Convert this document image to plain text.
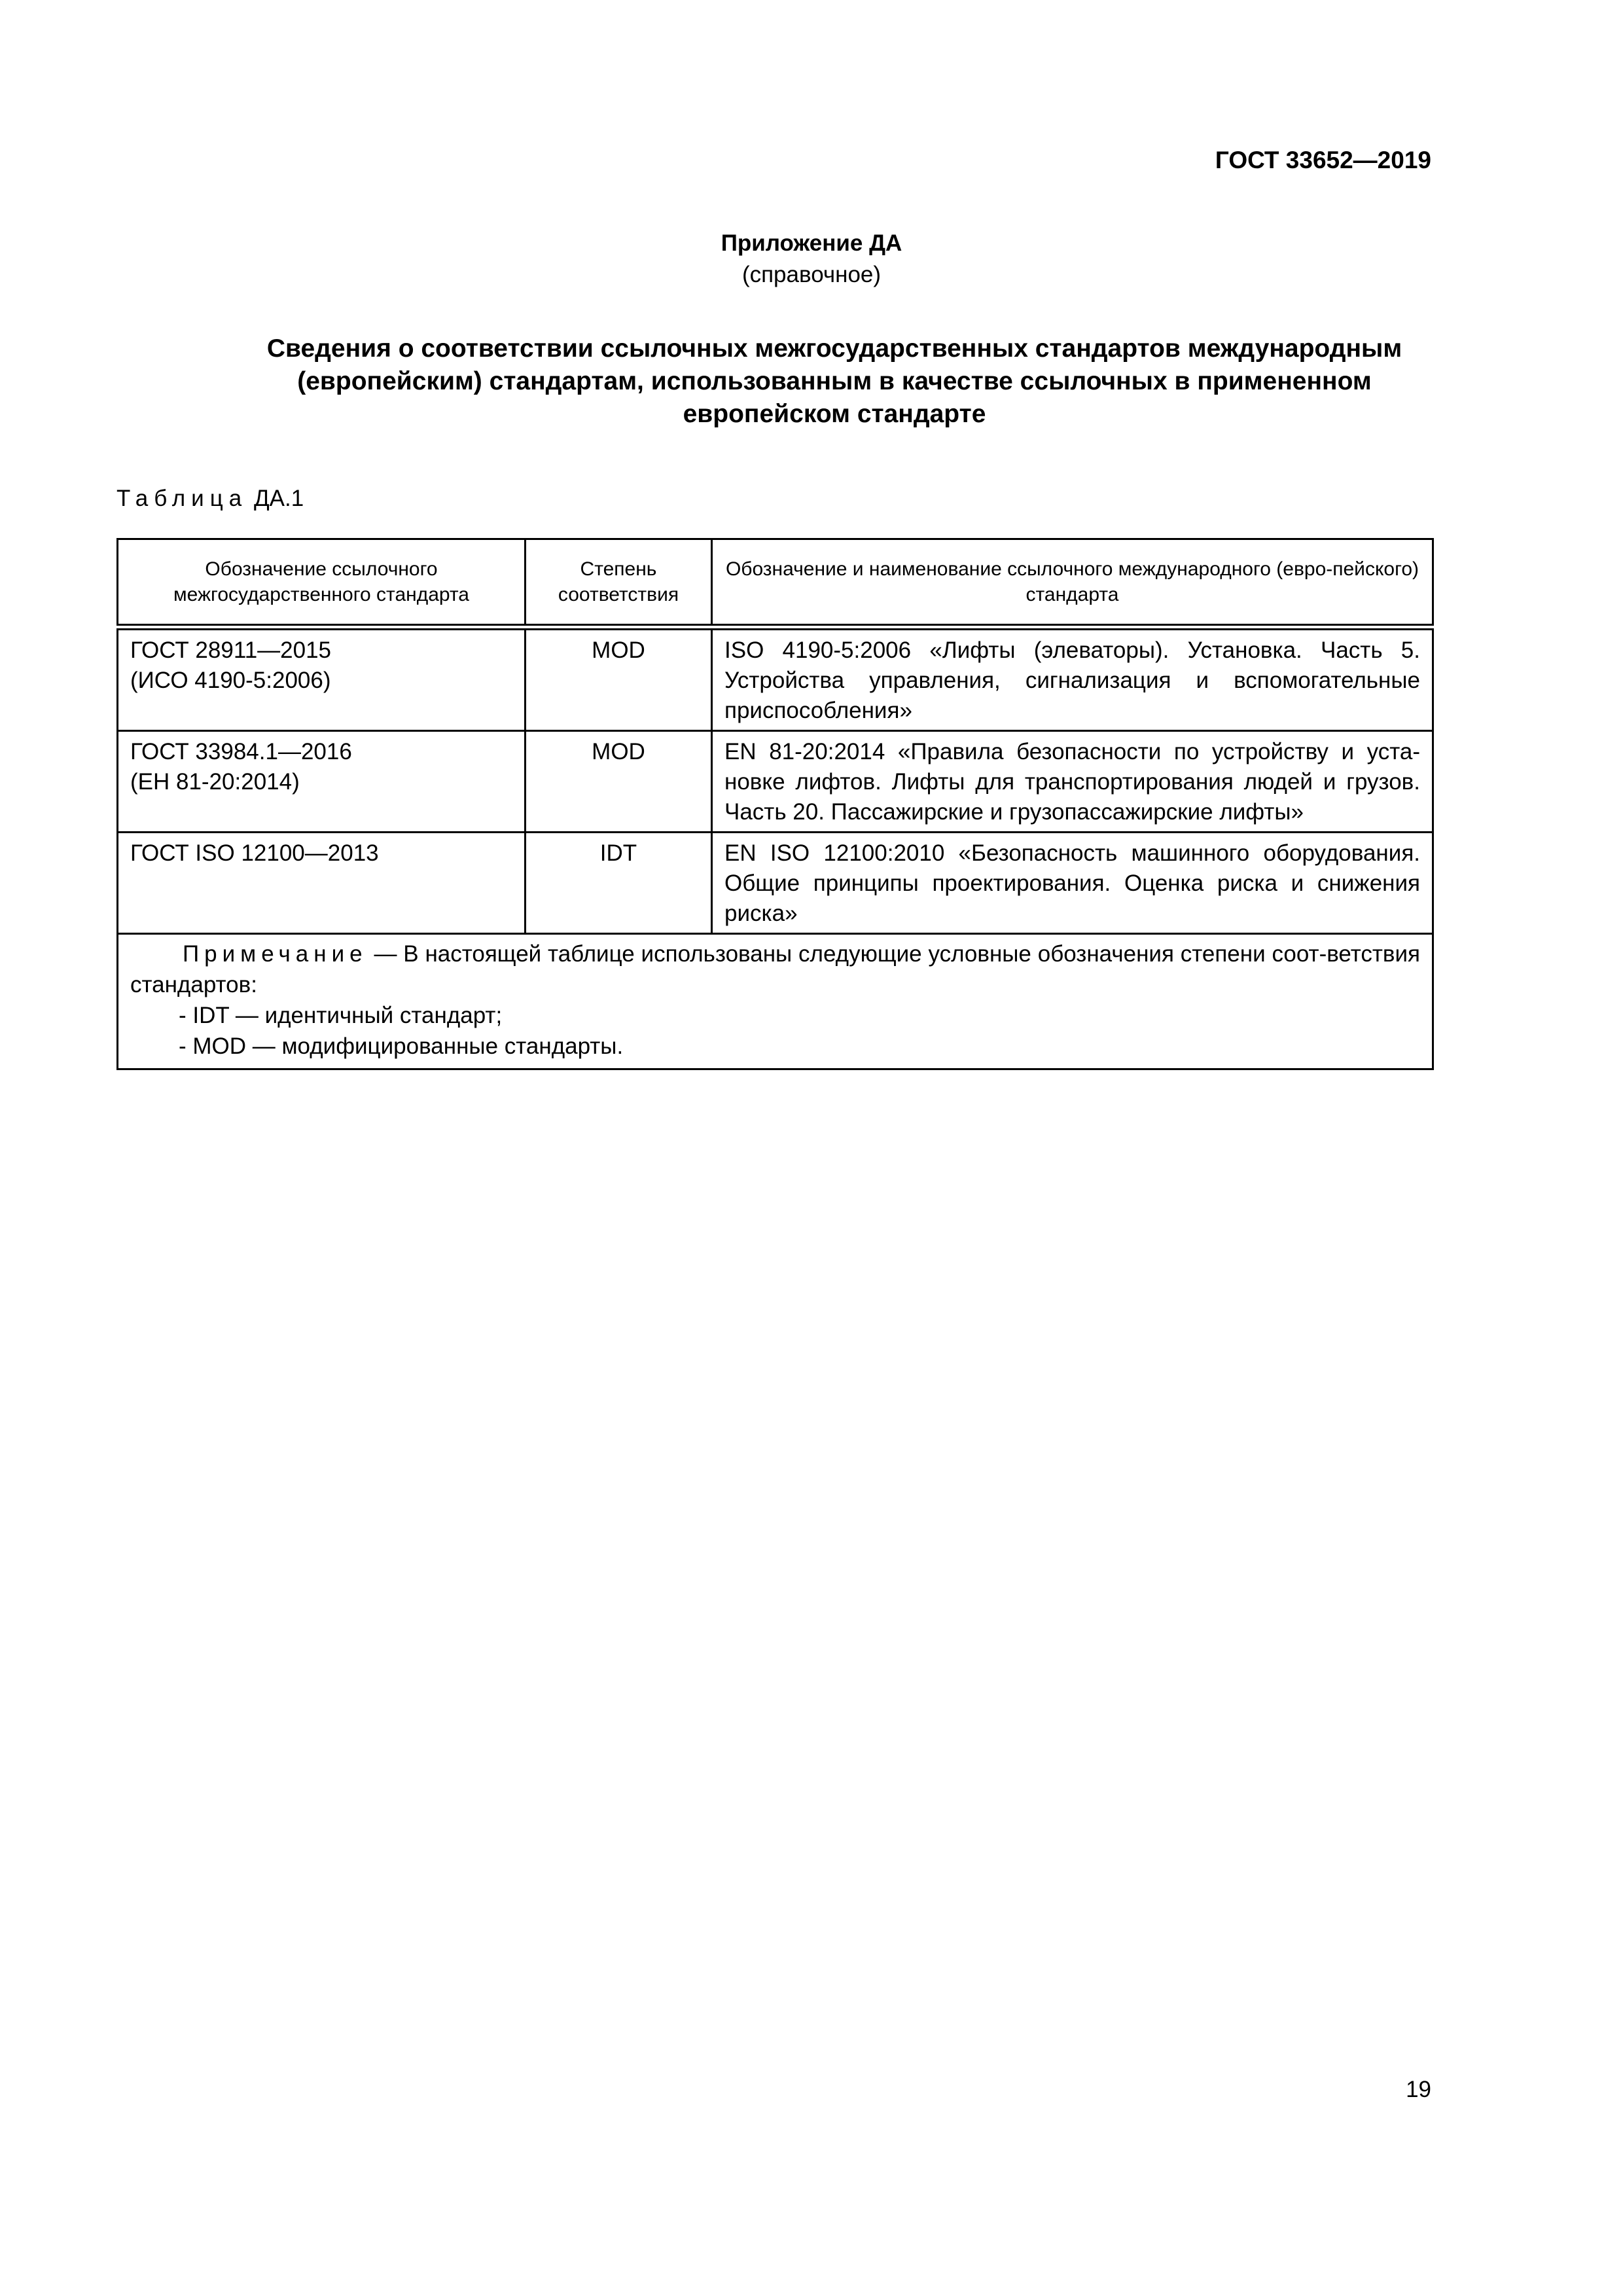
ГОСТ 33652—2019
Приложение ДА
(справочное)
Сведения о соответствии ссылочных межгосударственных стандартов международным
(европейским) стандартам, использованным в качестве ссылочных в примененном
европейском стандарте
Таблица ДА.1
Обозначение ссылочного межгосударственного стандарта	Степень соответствия	Обозначение и наименование ссылочного международного (евро-пейского) стандарта

ГОСТ 28911—2015
(ИСО 4190-5:2006)	MOD	ISO 4190-5:2006 «Лифты (элеваторы). Установка. Часть 5. Устройства управления, сигнализация и вспомогательные приспособления»

ГОСТ 33984.1—2016
(ЕН 81-20:2014)	MOD	EN 81-20:2014 «Правила безопасности по устройству и уста-новке лифтов. Лифты для транспортирования людей и грузов. Часть 20. Пассажирские и грузопассажирские лифты»

ГОСТ ISO 12100—2013	IDT	EN ISO 12100:2010 «Безопасность машинного оборудования. Общие принципы проектирования. Оценка риска и снижения риска»

Примечание — В настоящей таблице использованы следующие условные обозначения степени соот-ветствия стандартов:
- IDT — идентичный стандарт;
- MOD — модифицированные стандарты.		
19
